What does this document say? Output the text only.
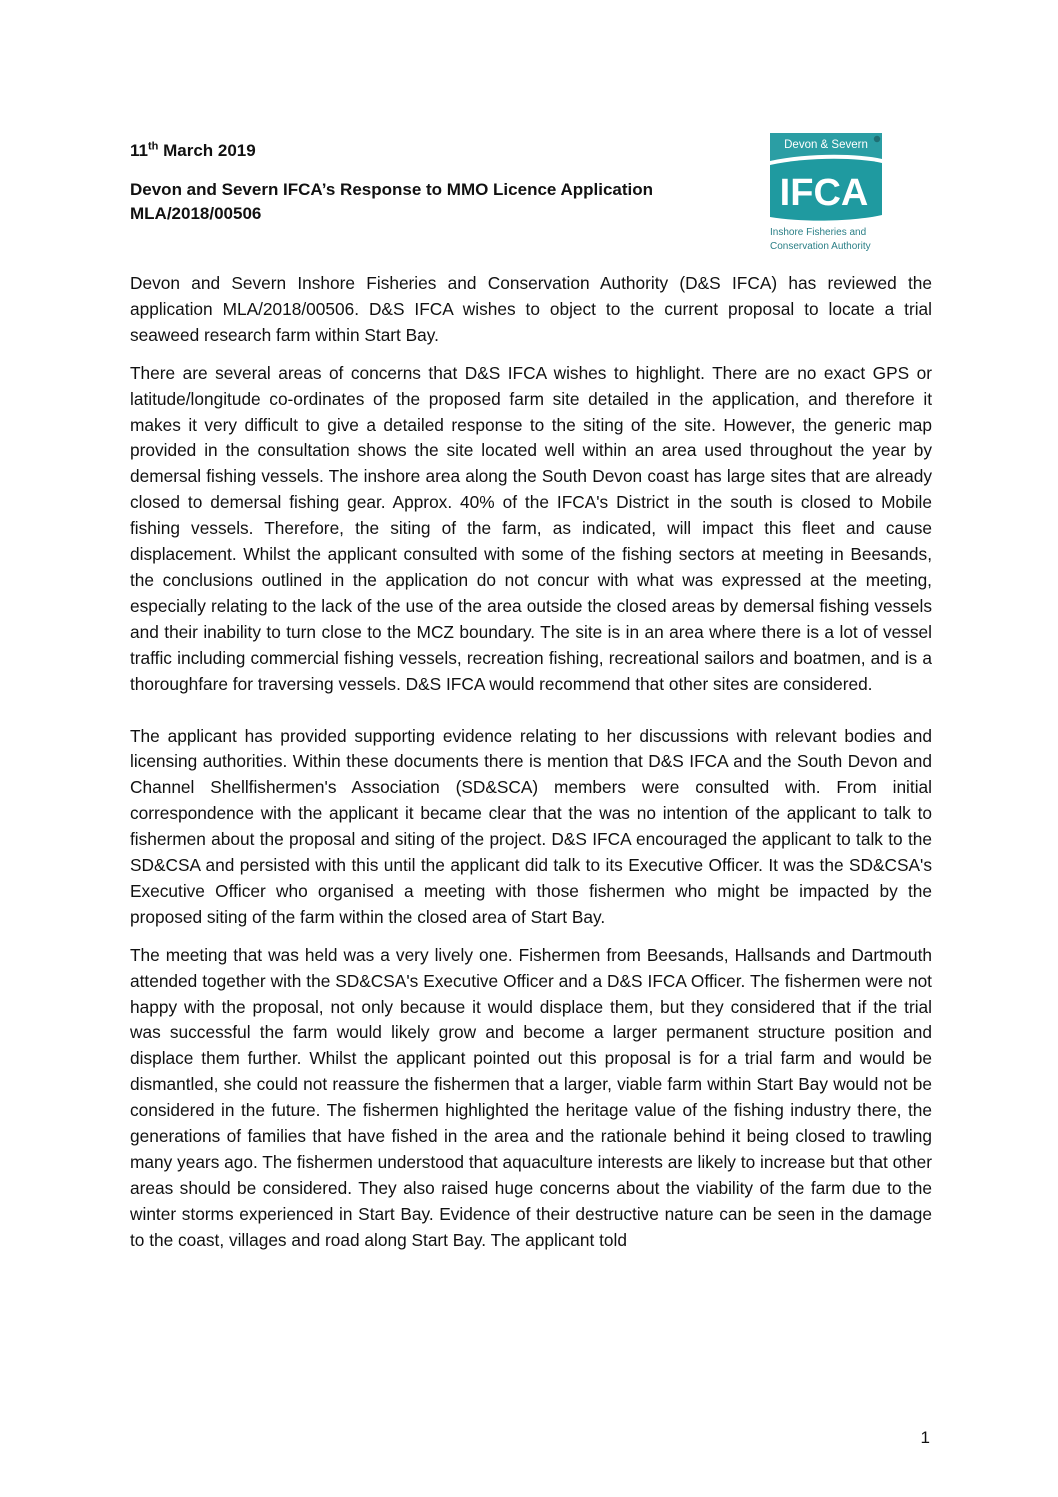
11th March 2019

Devon and Severn IFCA’s Response to MMO Licence Application

MLA/2018/00506

Devon & Severn
IFCA
Inshore Fisheries and
Conservation Authority

Devon and Severn Inshore Fisheries and Conservation Authority (D&S IFCA) has reviewed the application MLA/2018/00506. D&S IFCA wishes to object to the current proposal to locate a trial seaweed research farm within Start Bay.

There are several areas of concerns that D&S IFCA wishes to highlight. There are no exact GPS or latitude/longitude co-ordinates of the proposed farm site detailed in the application, and therefore it makes it very difficult to give a detailed response to the siting of the site. However, the generic map provided in the consultation shows the site located well within an area used throughout the year by demersal fishing vessels. The inshore area along the South Devon coast has large sites that are already closed to demersal fishing gear. Approx. 40% of the IFCA's District in the south is closed to Mobile fishing vessels. Therefore, the siting of the farm, as indicated, will impact this fleet and cause displacement. Whilst the applicant consulted with some of the fishing sectors at meeting in Beesands, the conclusions outlined in the application do not concur with what was expressed at the meeting, especially relating to the lack of the use of the area outside the closed areas by demersal fishing vessels and their inability to turn close to the MCZ boundary. The site is in an area where there is a lot of vessel traffic including commercial fishing vessels, recreation fishing, recreational sailors and boatmen, and is a thoroughfare for traversing vessels. D&S IFCA would recommend that other sites are considered.

The applicant has provided supporting evidence relating to her discussions with relevant bodies and licensing authorities. Within these documents there is mention that D&S IFCA and the South Devon and Channel Shellfishermen's Association (SD&SCA) members were consulted with. From initial correspondence with the applicant it became clear that the was no intention of the applicant to talk to fishermen about the proposal and siting of the project. D&S IFCA encouraged the applicant to talk to the SD&CSA and persisted with this until the applicant did talk to its Executive Officer. It was the SD&CSA's Executive Officer who organised a meeting with those fishermen who might be impacted by the proposed siting of the farm within the closed area of Start Bay.

The meeting that was held was a very lively one. Fishermen from Beesands, Hallsands and Dartmouth attended together with the SD&CSA's Executive Officer and a D&S IFCA Officer. The fishermen were not happy with the proposal, not only because it would displace them, but they considered that if the trial was successful the farm would likely grow and become a larger permanent structure position and displace them further. Whilst the applicant pointed out this proposal is for a trial farm and would be dismantled, she could not reassure the fishermen that a larger, viable farm within Start Bay would not be considered in the future. The fishermen highlighted the heritage value of the fishing industry there, the generations of families that have fished in the area and the rationale behind it being closed to trawling many years ago. The fishermen understood that aquaculture interests are likely to increase but that other areas should be considered. They also raised huge concerns about the viability of the farm due to the winter storms experienced in Start Bay. Evidence of their destructive nature can be seen in the damage to the coast, villages and road along Start Bay. The applicant told

1
